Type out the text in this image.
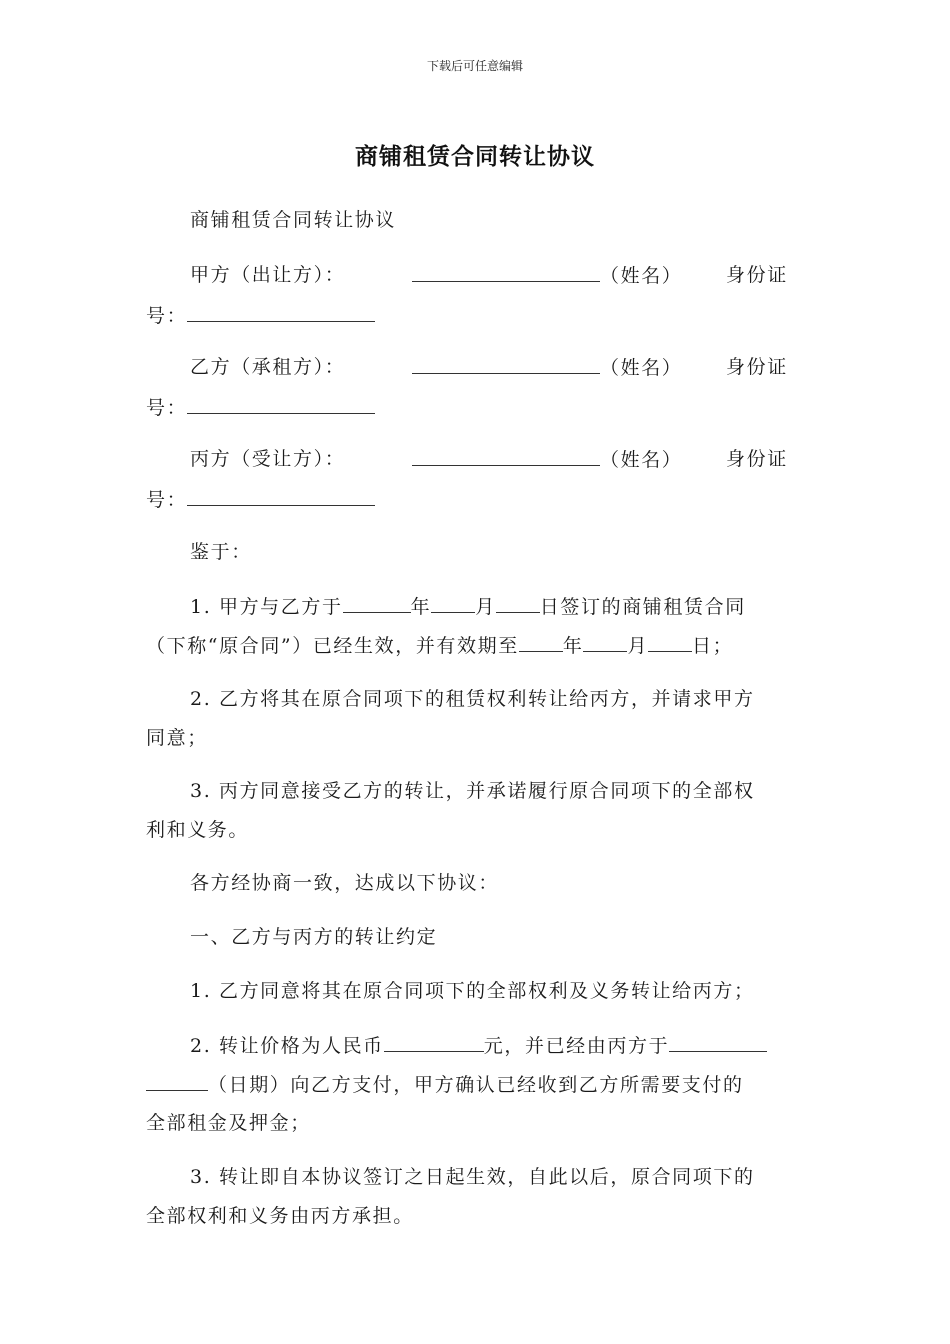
下载后可任意编辑
商铺租赁合同转让协议
商铺租赁合同转让协议
甲方（出让方）：	（姓名） 身份证
号：
乙方（承租方）：	（姓名） 身份证
号：
丙方（受让方）：	（姓名） 身份证
号：
鉴于：
1. 甲方与乙方于	年 月 日签订的商铺租赁合同
（下称“原合同”）已经生效，并有效期至 年 月 日；
2. 乙方将其在原合同项下的租赁权利转让给丙方，并请求甲方
同意；
3. 丙方同意接受乙方的转让，并承诺履行原合同项下的全部权
利和义务。
各方经协商一致，达成以下协议：
一、乙方与丙方的转让约定
1. 乙方同意将其在原合同项下的全部权利及义务转让给丙方；
2. 转让价格为人民币	元，并已经由丙方于
（日期）向乙方支付，甲方确认已经收到乙方所需要支付的
全部租金及押金；
3. 转让即自本协议签订之日起生效，自此以后，原合同项下的
全部权利和义务由丙方承担。
